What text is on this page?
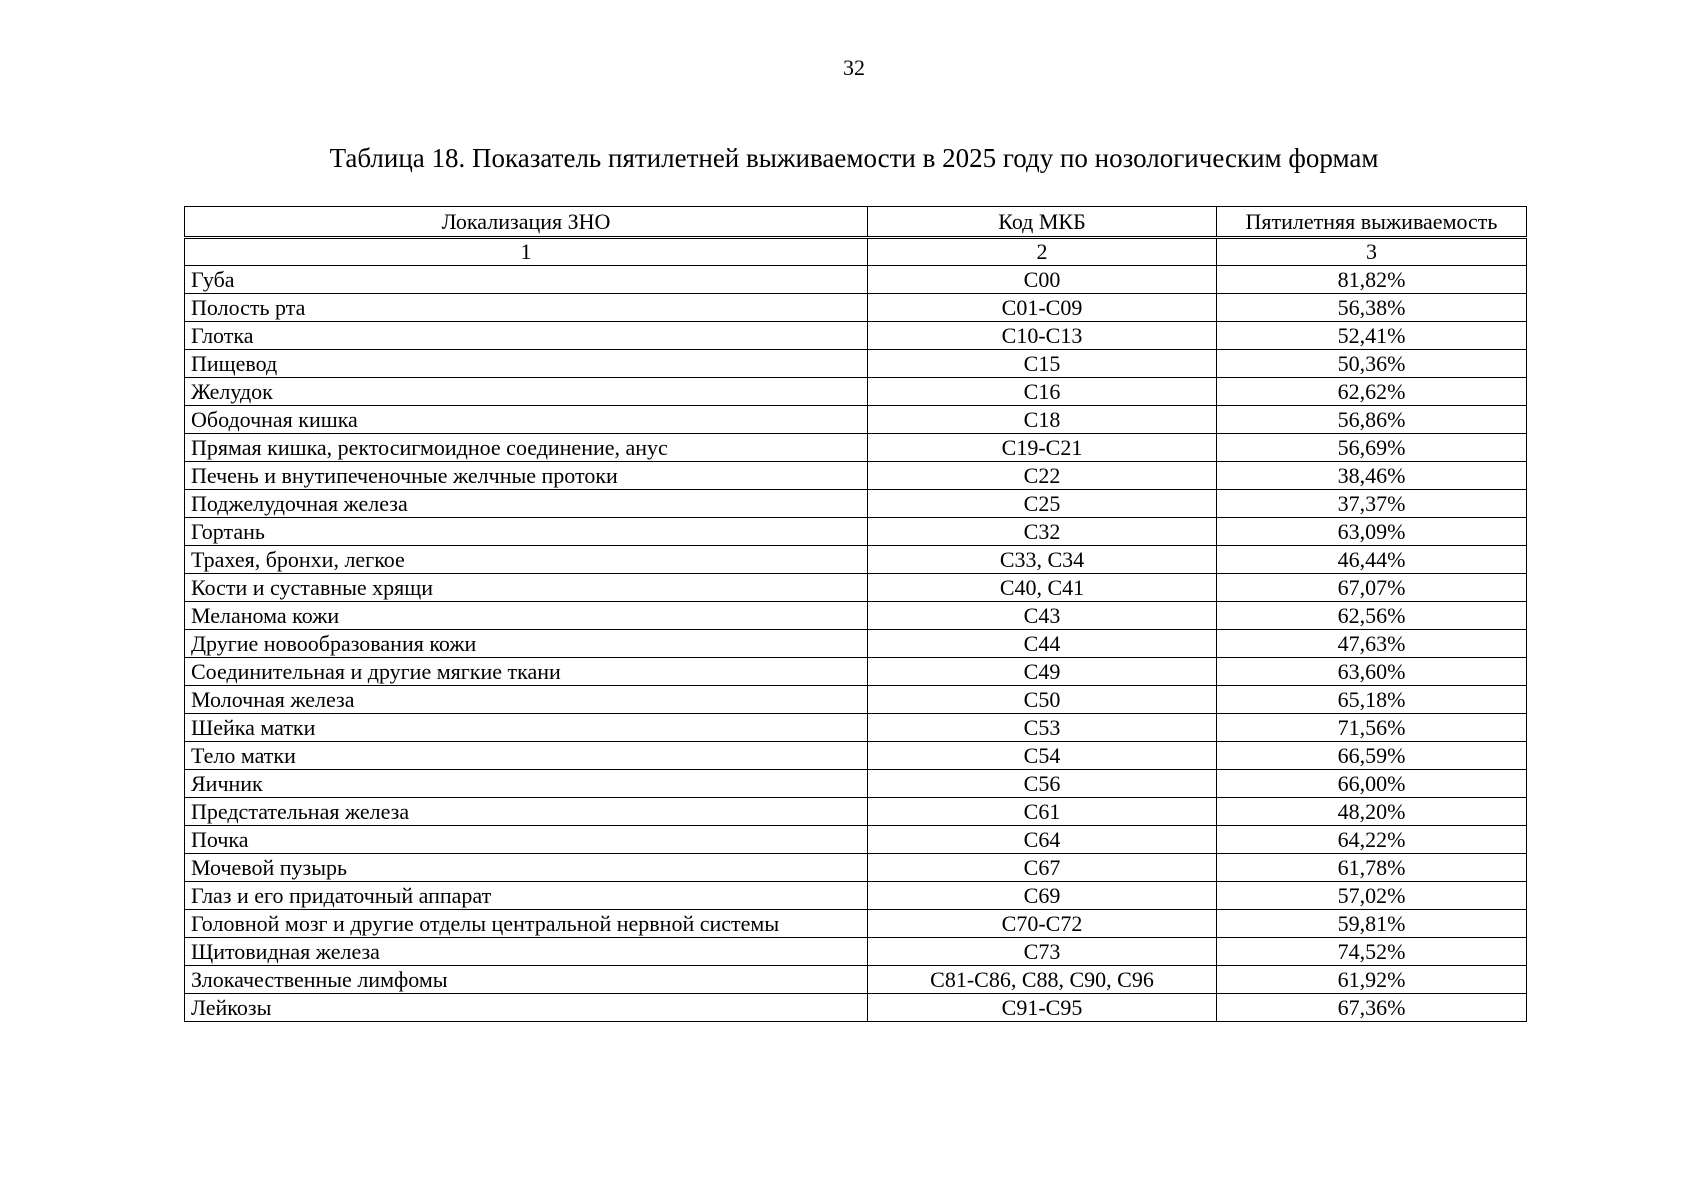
32
Таблица 18. Показатель пятилетней выживаемости в 2025 году по нозологическим формам
Локализация ЗНО	Код МКБ	Пятилетняя выживаемость
1	2	3
Губа	С00	81,82%
Полость рта	С01-С09	56,38%
Глотка	С10-С13	52,41%
Пищевод	С15	50,36%
Желудок	С16	62,62%
Ободочная кишка	С18	56,86%
Прямая кишка, ректосигмоидное соединение, анус	С19-С21	56,69%
Печень и внутипеченочные желчные протоки	С22	38,46%
Поджелудочная железа	С25	37,37%
Гортань	С32	63,09%
Трахея, бронхи, легкое	С33, С34	46,44%
Кости и суставные хрящи	С40, С41	67,07%
Меланома кожи	С43	62,56%
Другие новообразования кожи	С44	47,63%
Соединительная и другие мягкие ткани	С49	63,60%
Молочная железа	С50	65,18%
Шейка матки	С53	71,56%
Тело матки	С54	66,59%
Яичник	С56	66,00%
Предстательная железа	С61	48,20%
Почка	С64	64,22%
Мочевой пузырь	С67	61,78%
Глаз и его придаточный аппарат	С69	57,02%
Головной мозг и другие отделы центральной нервной системы	С70-С72	59,81%
Щитовидная железа	С73	74,52%
Злокачественные лимфомы	С81-С86, С88, С90, С96	61,92%
Лейкозы	С91-С95	67,36%
